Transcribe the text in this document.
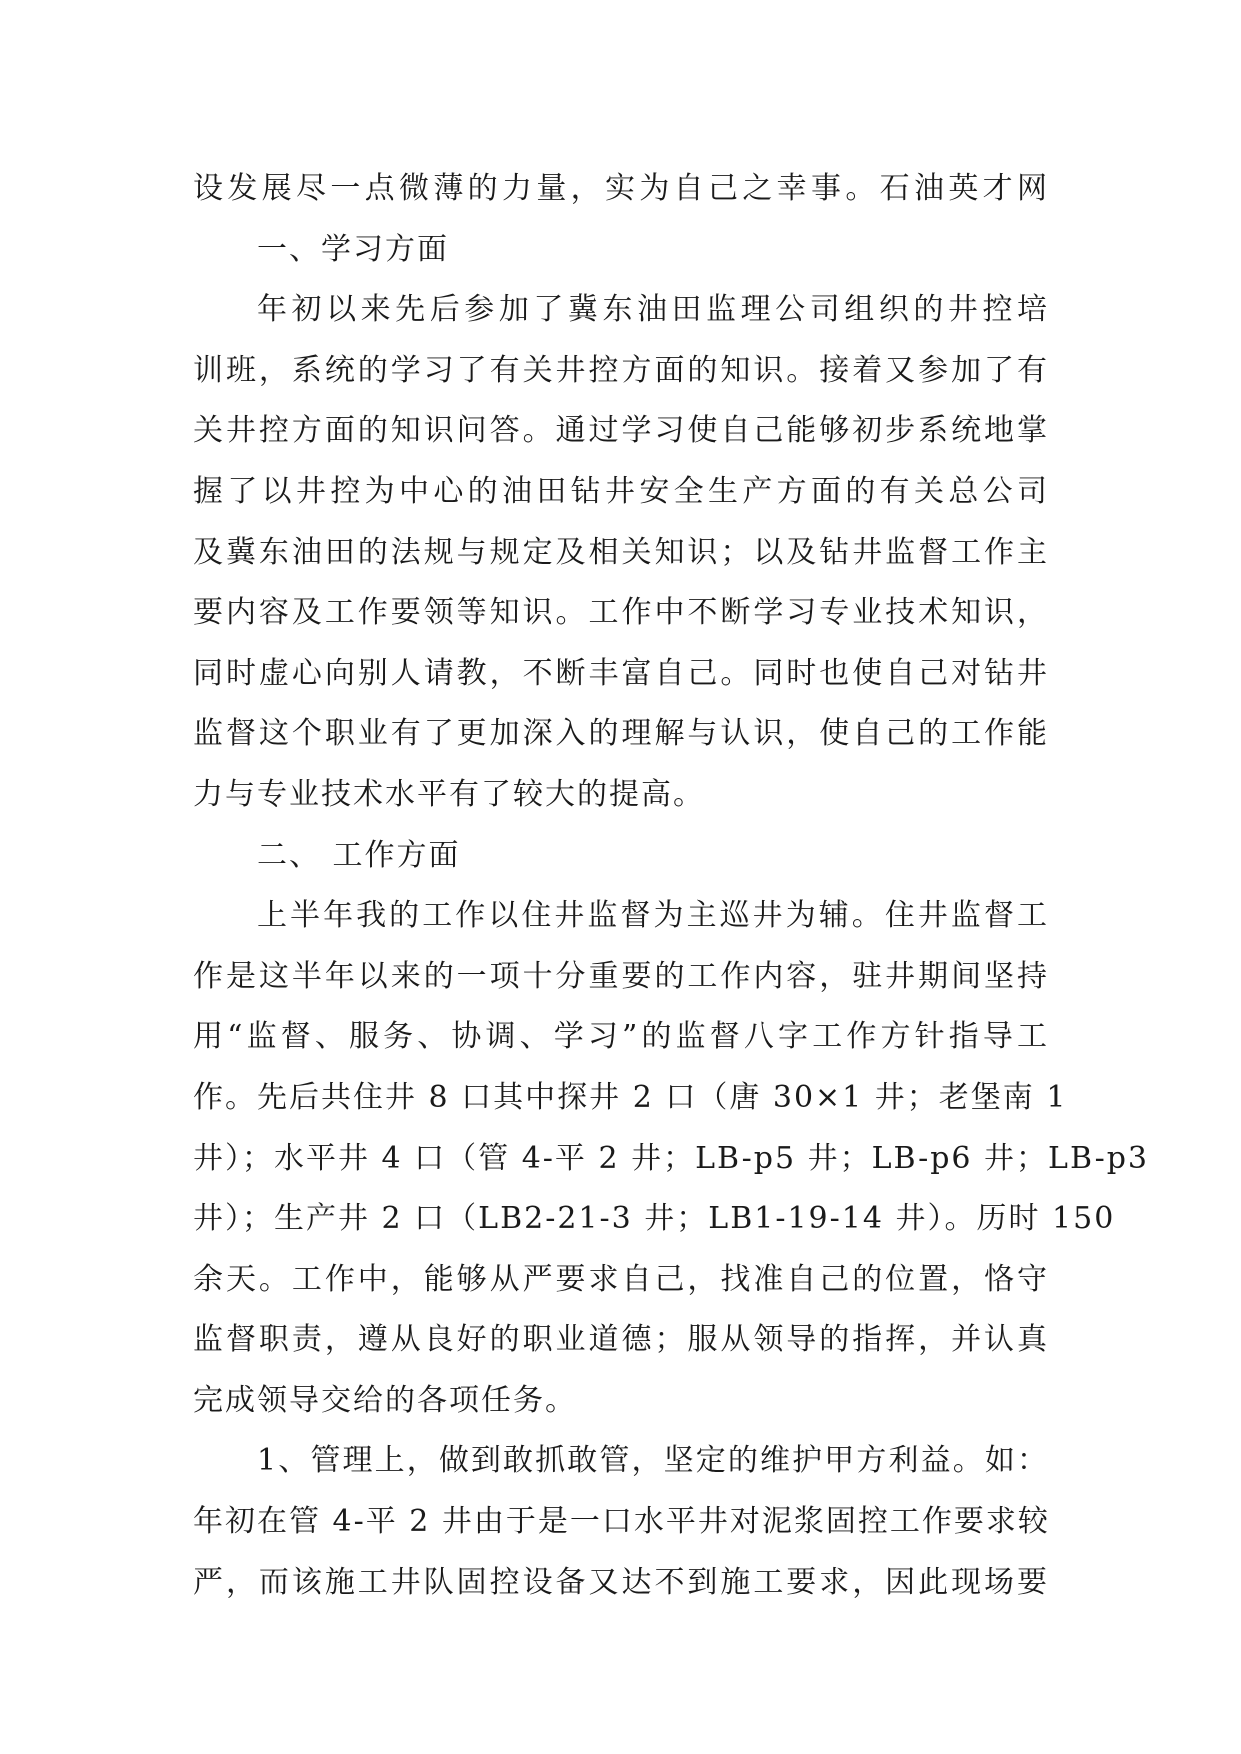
设发展尽一点微薄的力量，实为自己之幸事。石油英才网
一、学习方面
年初以来先后参加了冀东油田监理公司组织的井控培
训班，系统的学习了有关井控方面的知识。接着又参加了有
关井控方面的知识问答。通过学习使自己能够初步系统地掌
握了以井控为中心的油田钻井安全生产方面的有关总公司
及冀东油田的法规与规定及相关知识；以及钻井监督工作主
要内容及工作要领等知识。工作中不断学习专业技术知识，
同时虚心向别人请教，不断丰富自己。同时也使自己对钻井
监督这个职业有了更加深入的理解与认识，使自己的工作能
力与专业技术水平有了较大的提高。
二、 工作方面
上半年我的工作以住井监督为主巡井为辅。住井监督工
作是这半年以来的一项十分重要的工作内容，驻井期间坚持
用“监督、服务、协调、学习”的监督八字工作方针指导工
作。先后共住井 8 口其中探井 2 口（唐 30×1 井；老堡南 1
井）；水平井 4 口（管 4-平 2 井；LB-p5 井；LB-p6 井；LB-p3
井）；生产井 2 口（LB2-21-3 井；LB1-19-14 井）。历时 150
余天。工作中，能够从严要求自己，找准自己的位置，恪守
监督职责，遵从良好的职业道德；服从领导的指挥，并认真
完成领导交给的各项任务。
1、管理上，做到敢抓敢管，坚定的维护甲方利益。如：
年初在管 4-平 2 井由于是一口水平井对泥浆固控工作要求较
严，而该施工井队固控设备又达不到施工要求，因此现场要
